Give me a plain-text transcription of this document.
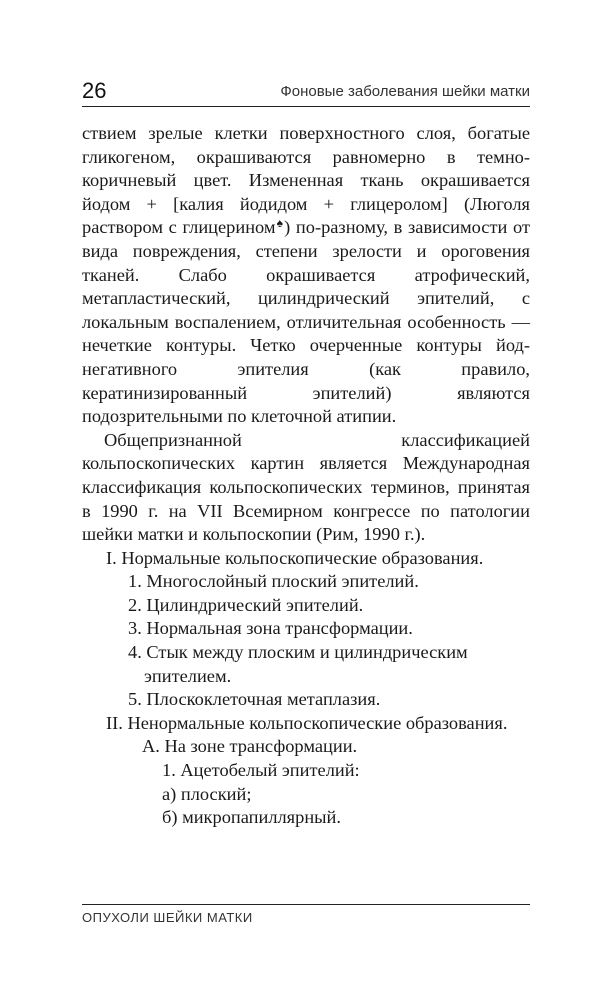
26	Фоновые заболевания шейки матки

ствием зрелые клетки поверхностного слоя, богатые гликогеном, окрашиваются равномерно в темно-коричневый цвет. Измененная ткань окрашивается йодом + [калия йодидом + глицеролом] (Люголя раствором с глицерином♠) по-разному, в зависимости от вида повреждения, степени зрелости и ороговения тканей. Слабо окрашивается атрофический, метапластический, цилиндрический эпителий, с локальным воспалением, отличительная особенность — нечеткие контуры. Четко очерченные контуры йод-негативного эпителия (как правило, кератинизированный эпителий) являются подозрительными по клеточной атипии.

Общепризнанной классификацией кольпоскопических картин является Международная классификация кольпоскопических терминов, принятая в 1990 г. на VII Всемирном конгрессе по патологии шейки матки и кольпоскопии (Рим, 1990 г.).

I. Нормальные кольпоскопические образования.

1. Многослойный плоский эпителий.

2. Цилиндрический эпителий.

3. Нормальная зона трансформации.

4. Стык между плоским и цилиндрическим эпителием.

5. Плоскоклеточная метаплазия.

II. Ненормальные кольпоскопические образования.

А. На зоне трансформации.

1. Ацетобелый эпителий:

а) плоский;

б) микропапиллярный.

ОПУХОЛИ ШЕЙКИ МАТКИ
